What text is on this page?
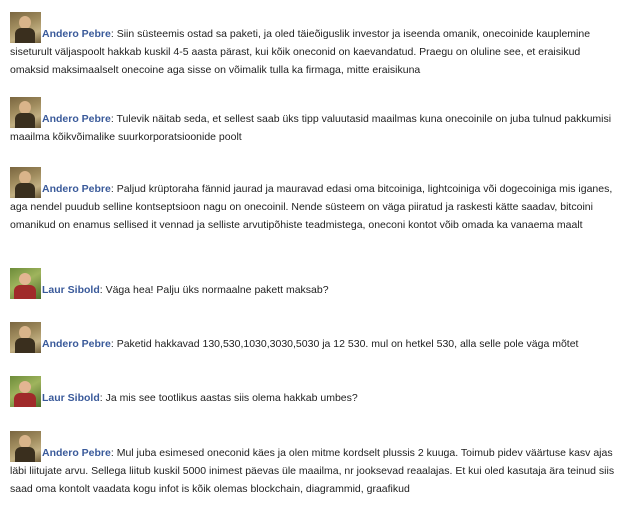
Andero Pebre: Siin süsteemis ostad sa paketi, ja oled täieõiguslik investor ja iseenda omanik, onecoinide kauplemine siseturult väljaspoolt hakkab kuskil 4-5 aasta pärast, kui kõik oneconid on kaevandatud. Praegu on oluline see, et eraisikud omaksid maksimaalselt onecoine aga sisse on võimalik tulla ka firmaga, mitte eraisikuna
Andero Pebre: Tulevik näitab seda, et sellest saab üks tipp valuutasid maailmas kuna onecoinile on juba tulnud pakkumisi maailma kõikvõimalike suurkorporatsioonide poolt
Andero Pebre: Paljud krüptoraha fännid jaurad ja mauravad edasi oma bitcoiniga, lightcoiniga või dogecoiniga mis iganes, aga nendel puudub selline kontseptsioon nagu on onecoinil. Nende süsteem on väga piiratud ja raskesti kätte saadav, bitcoini omanikud on enamus sellised it vennad ja selliste arvutipõhiste teadmistega, oneconi kontot võib omada ka vanaema maalt
Laur Sibold: Väga hea! Palju üks normaalne pakett maksab?
Andero Pebre: Paketid hakkavad 130,530,1030,3030,5030 ja 12 530. mul on hetkel 530, alla selle pole väga mõtet
Laur Sibold: Ja mis see tootlikus aastas siis olema hakkab umbes?
Andero Pebre: Mul juba esimesed oneconid käes ja olen mitme kordselt plussis 2 kuuga. Toimub pidev väärtuse kasv ajas läbi liitujate arvu. Sellega liitub kuskil 5000 inimest päevas üle maailma, nr jooksevad reaalajas. Et kui oled kasutaja ära teinud siis saad oma kontolt vaadata kogu infot is kõik olemas blockchain, diagrammid, graafikud
